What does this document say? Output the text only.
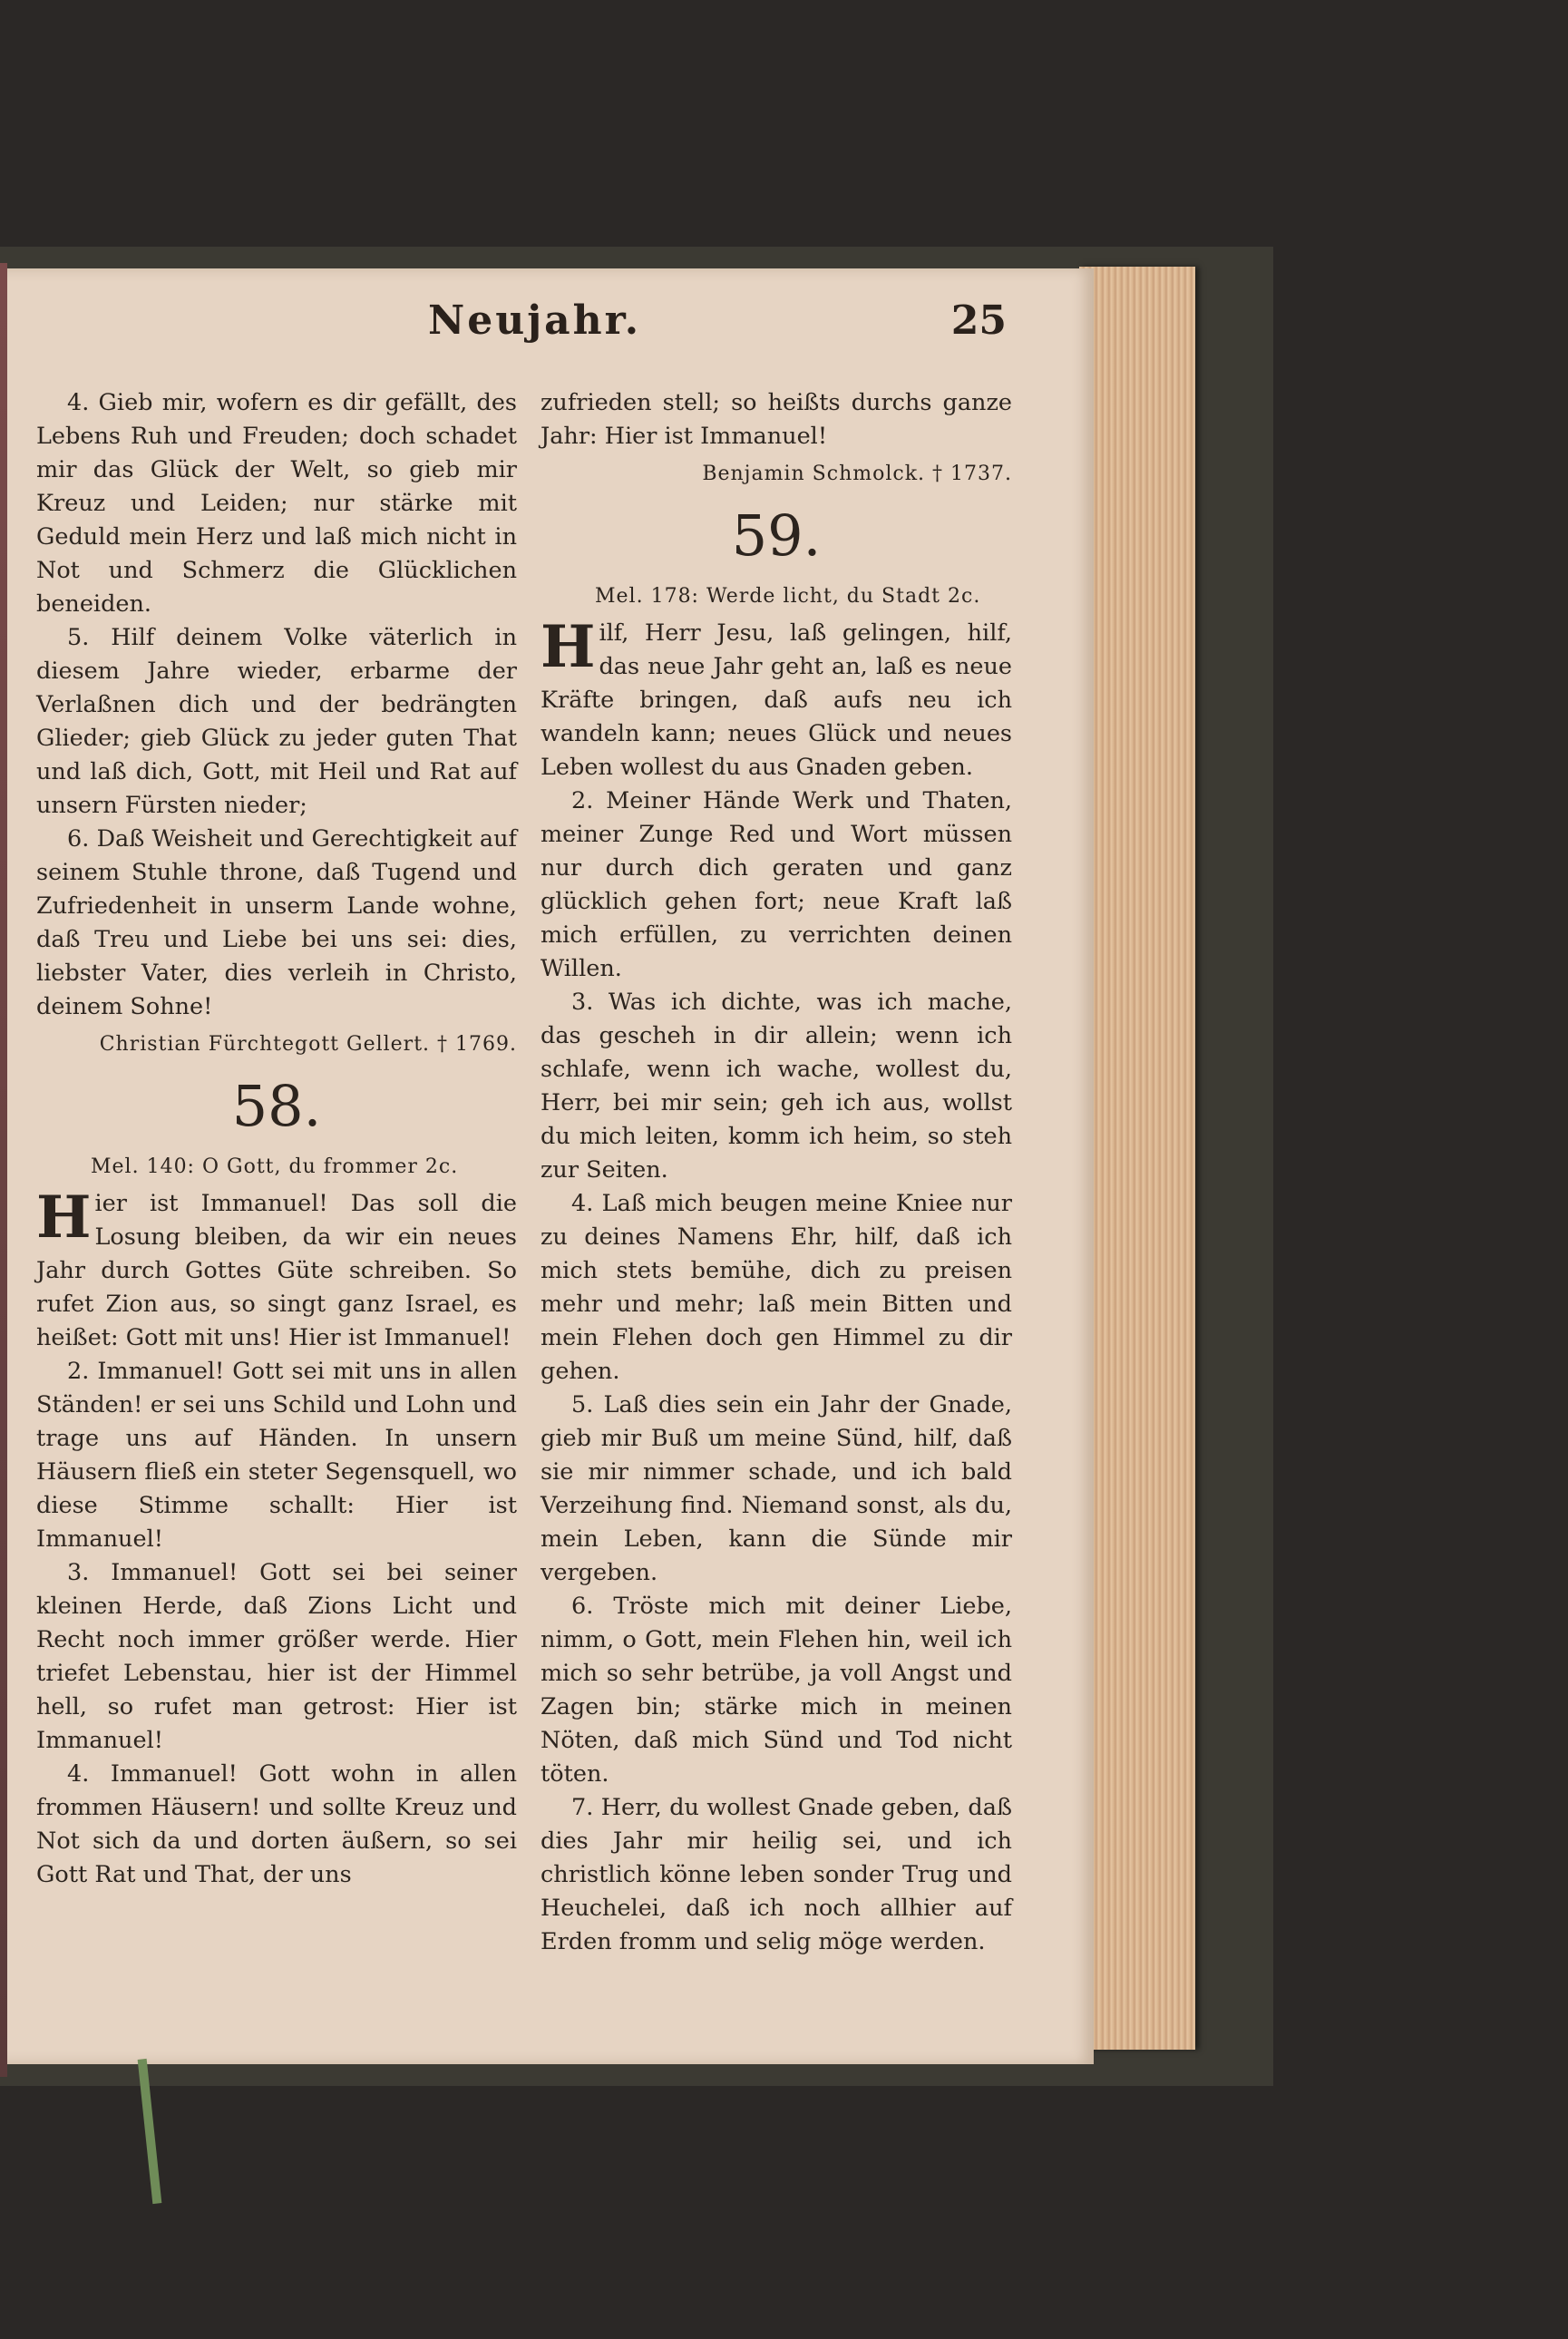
Neujahr.	25

4. Gieb mir, wofern es dir gefällt, des Lebens Ruh und Freuden; doch schadet mir das Glück der Welt, so gieb mir Kreuz und Leiden; nur stärke mit Geduld mein Herz und laß mich nicht in Not und Schmerz die Glücklichen beneiden.

5. Hilf deinem Volke väterlich in diesem Jahre wieder, erbarme der Verlaßnen dich und der bedrängten Glieder; gieb Glück zu jeder guten That und laß dich, Gott, mit Heil und Rat auf unsern Fürsten nieder;

6. Daß Weisheit und Gerechtigkeit auf seinem Stuhle throne, daß Tugend und Zufriedenheit in unserm Lande wohne, daß Treu und Liebe bei uns sei: dies, liebster Vater, dies verleih in Christo, deinem Sohne!

Christian Fürchtegott Gellert. † 1769.

58.

Mel. 140: O Gott, du frommer 2c.

Hier ist Immanuel! Das soll die Losung bleiben, da wir ein neues Jahr durch Gottes Güte schreiben. So rufet Zion aus, so singt ganz Israel, es heißet: Gott mit uns! Hier ist Immanuel!

2. Immanuel! Gott sei mit uns in allen Ständen! er sei uns Schild und Lohn und trage uns auf Händen. In unsern Häusern fließ ein steter Segensquell, wo diese Stimme schallt: Hier ist Immanuel!

3. Immanuel! Gott sei bei seiner kleinen Herde, daß Zions Licht und Recht noch immer größer werde. Hier triefet Lebenstau, hier ist der Himmel hell, so rufet man getrost: Hier ist Immanuel!

4. Immanuel! Gott wohn in allen frommen Häusern! und sollte Kreuz und Not sich da und dorten äußern, so sei Gott Rat und That, der uns

zufrieden stell; so heißts durchs ganze Jahr: Hier ist Immanuel!

Benjamin Schmolck. † 1737.

59.

Mel. 178: Werde licht, du Stadt 2c.

Hilf, Herr Jesu, laß gelingen, hilf, das neue Jahr geht an, laß es neue Kräfte bringen, daß aufs neu ich wandeln kann; neues Glück und neues Leben wollest du aus Gnaden geben.

2. Meiner Hände Werk und Thaten, meiner Zunge Red und Wort müssen nur durch dich geraten und ganz glücklich gehen fort; neue Kraft laß mich erfüllen, zu verrichten deinen Willen.

3. Was ich dichte, was ich mache, das gescheh in dir allein; wenn ich schlafe, wenn ich wache, wollest du, Herr, bei mir sein; geh ich aus, wollst du mich leiten, komm ich heim, so steh zur Seiten.

4. Laß mich beugen meine Kniee nur zu deines Namens Ehr, hilf, daß ich mich stets bemühe, dich zu preisen mehr und mehr; laß mein Bitten und mein Flehen doch gen Himmel zu dir gehen.

5. Laß dies sein ein Jahr der Gnade, gieb mir Buß um meine Sünd, hilf, daß sie mir nimmer schade, und ich bald Verzeihung find. Niemand sonst, als du, mein Leben, kann die Sünde mir vergeben.

6. Tröste mich mit deiner Liebe, nimm, o Gott, mein Flehen hin, weil ich mich so sehr betrübe, ja voll Angst und Zagen bin; stärke mich in meinen Nöten, daß mich Sünd und Tod nicht töten.

7. Herr, du wollest Gnade geben, daß dies Jahr mir heilig sei, und ich christlich könne leben sonder Trug und Heuchelei, daß ich noch allhier auf Erden fromm und selig möge werden.
